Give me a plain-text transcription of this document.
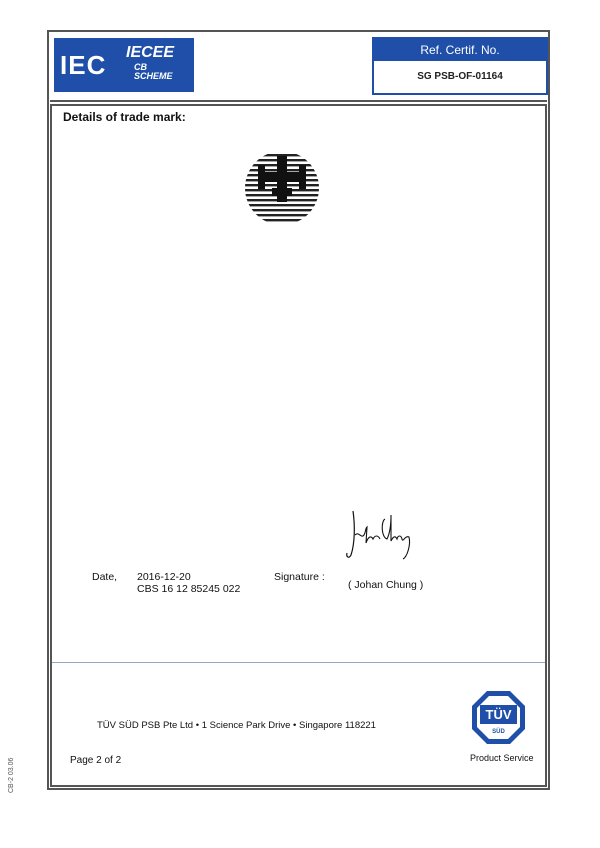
IEC IECEE
CB
SCHEME
Ref. Certif. No.
SG PSB-OF-01164
Details of trade mark:
Date, 2016-12-20
CBS 16 12 85245 022
Signature :
( Johan Chung )
TÜV SÜD PSB Pte Ltd • 1 Science Park Drive • Singapore 118221
Page 2 of 2
TÜV
SÜD
Product Service
CB-2 03.06
